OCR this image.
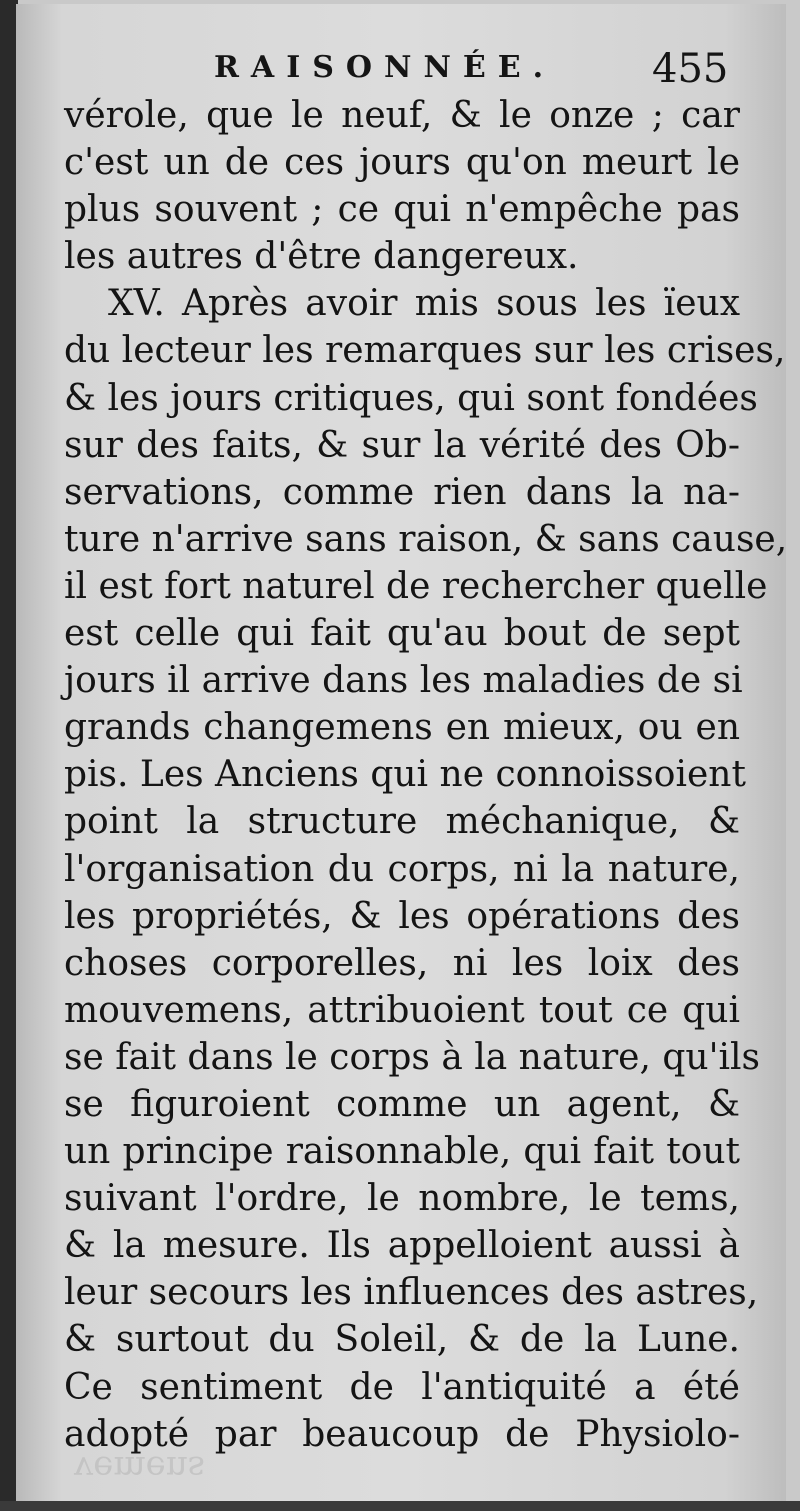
RAISONNÉE. 455
vérole, que le neuf, & le onze ; car
c'est un de ces jours qu'on meurt le
plus souvent ; ce qui n'empêche pas
les autres d'être dangereux.
XV. Après avoir mis sous les ïeux
du lecteur les remarques sur les crises,
& les jours critiques, qui sont fondées
sur des faits, & sur la vérité des Ob-
servations, comme rien dans la na-
ture n'arrive sans raison, & sans cause,
il est fort naturel de rechercher quelle
est celle qui fait qu'au bout de sept
jours il arrive dans les maladies de si
grands changemens en mieux, ou en
pis. Les Anciens qui ne connoissoient
point la structure méchanique, &
l'organisation du corps, ni la nature,
les propriétés, & les opérations des
choses corporelles, ni les loix des
mouvemens, attribuoient tout ce qui
se fait dans le corps à la nature, qu'ils
se figuroient comme un agent, &
un principe raisonnable, qui fait tout
suivant l'ordre, le nombre, le tems,
& la mesure. Ils appelloient aussi à
leur secours les influences des astres,
& surtout du Soleil, & de la Lune.
Ce sentiment de l'antiquité a été
adopté par beaucoup de Physiolo-
vemens
